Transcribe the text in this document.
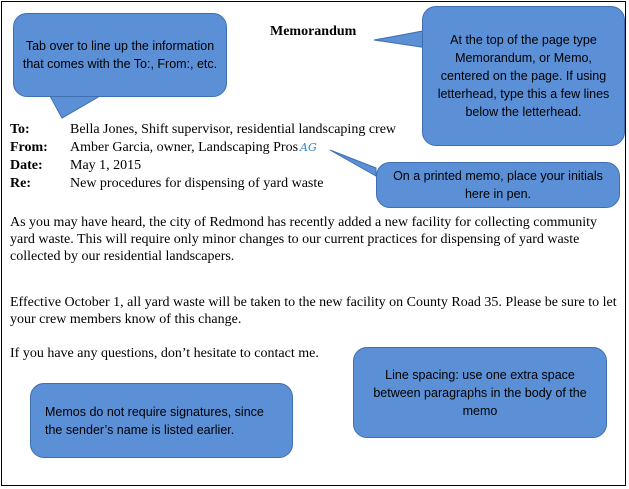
Memorandum
To:	Bella Jones, Shift supervisor, residential landscaping crew
From: Amber Garcia, owner, Landscaping Pros AG
Date: May 1, 2015
Re:	New procedures for dispensing of yard waste
As you may have heard, the city of Redmond has recently added a new facility for collecting community yard waste. This will require only minor changes to our current practices for dispensing of yard waste collected by our residential landscapers.
Effective October 1, all yard waste will be taken to the new facility on County Road 35. Please be sure to let your crew members know of this change.
If you have any questions, don’t hesitate to contact me.
Tab over to line up the information that comes with the To:, From:, etc.
At the top of the page type Memorandum, or Memo, centered on the page. If using letterhead, type this a few lines below the letterhead.
On a printed memo, place your initials here in pen.
Line spacing: use one extra space between paragraphs in the body of the memo
Memos do not require signatures, since the sender’s name is listed earlier.
